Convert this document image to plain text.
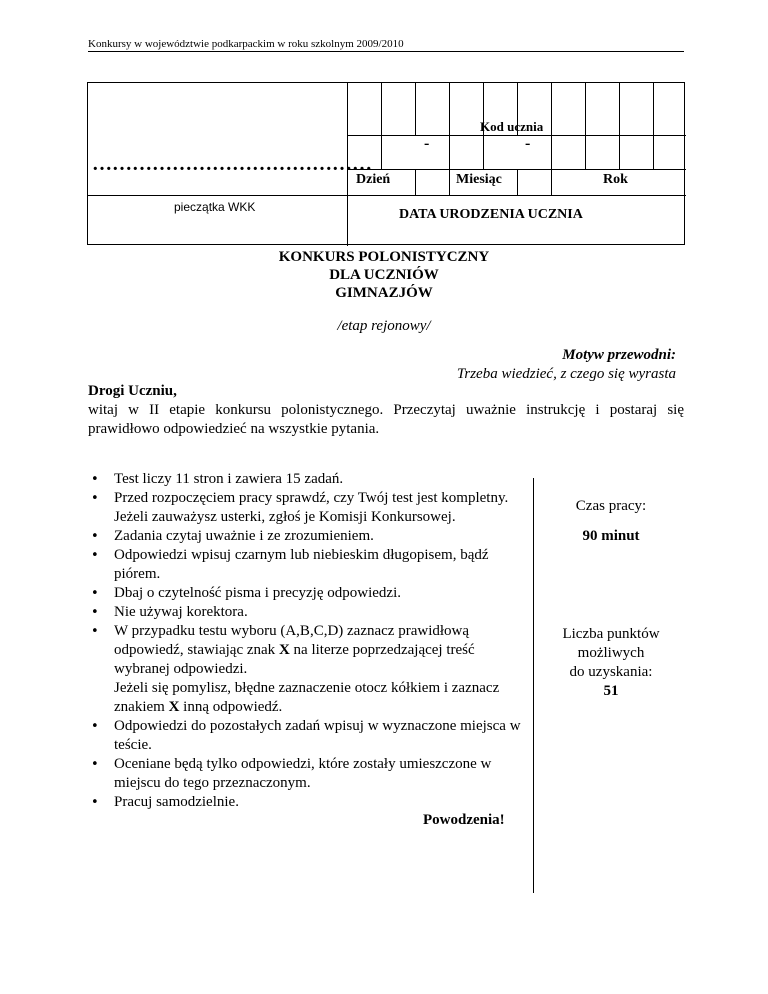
Konkursy w województwie podkarpackim w roku szkolnym 2009/2010
……………………………………
pieczątka WKK
Kod ucznia
-	-
Dzień	Miesiąc	Rok
DATA URODZENIA UCZNIA
KONKURS POLONISTYCZNY
DLA UCZNIÓW
GIMNAZJÓW
/etap rejonowy/
Motyw przewodni:
Trzeba wiedzieć, z czego się wyrasta
Drogi Uczniu,
witaj w II etapie konkursu polonistycznego. Przeczytaj uważnie instrukcję i postaraj się prawidłowo odpowiedzieć na wszystkie pytania.
• Test liczy 11 stron i zawiera 15 zadań.
• Przed rozpoczęciem pracy sprawdź, czy Twój test jest kompletny. Jeżeli zauważysz usterki, zgłoś je Komisji Konkursowej.
• Zadania czytaj uważnie i ze zrozumieniem.
• Odpowiedzi wpisuj czarnym lub niebieskim długopisem, bądź piórem.
• Dbaj o czytelność pisma i precyzję odpowiedzi.
• Nie używaj korektora.
• W przypadku testu wyboru (A,B,C,D) zaznacz prawidłową odpowiedź, stawiając znak X na literze poprzedzającej treść wybranej odpowiedzi.
Jeżeli się pomylisz, błędne zaznaczenie otocz kółkiem i zaznacz znakiem X inną odpowiedź.
• Odpowiedzi do pozostałych zadań wpisuj w wyznaczone miejsca w teście.
• Oceniane będą tylko odpowiedzi, które zostały umieszczone w miejscu do tego przeznaczonym.
• Pracuj samodzielnie.
Czas pracy:
90 minut
Liczba punktów
możliwych
do uzyskania:
51
Powodzenia!
